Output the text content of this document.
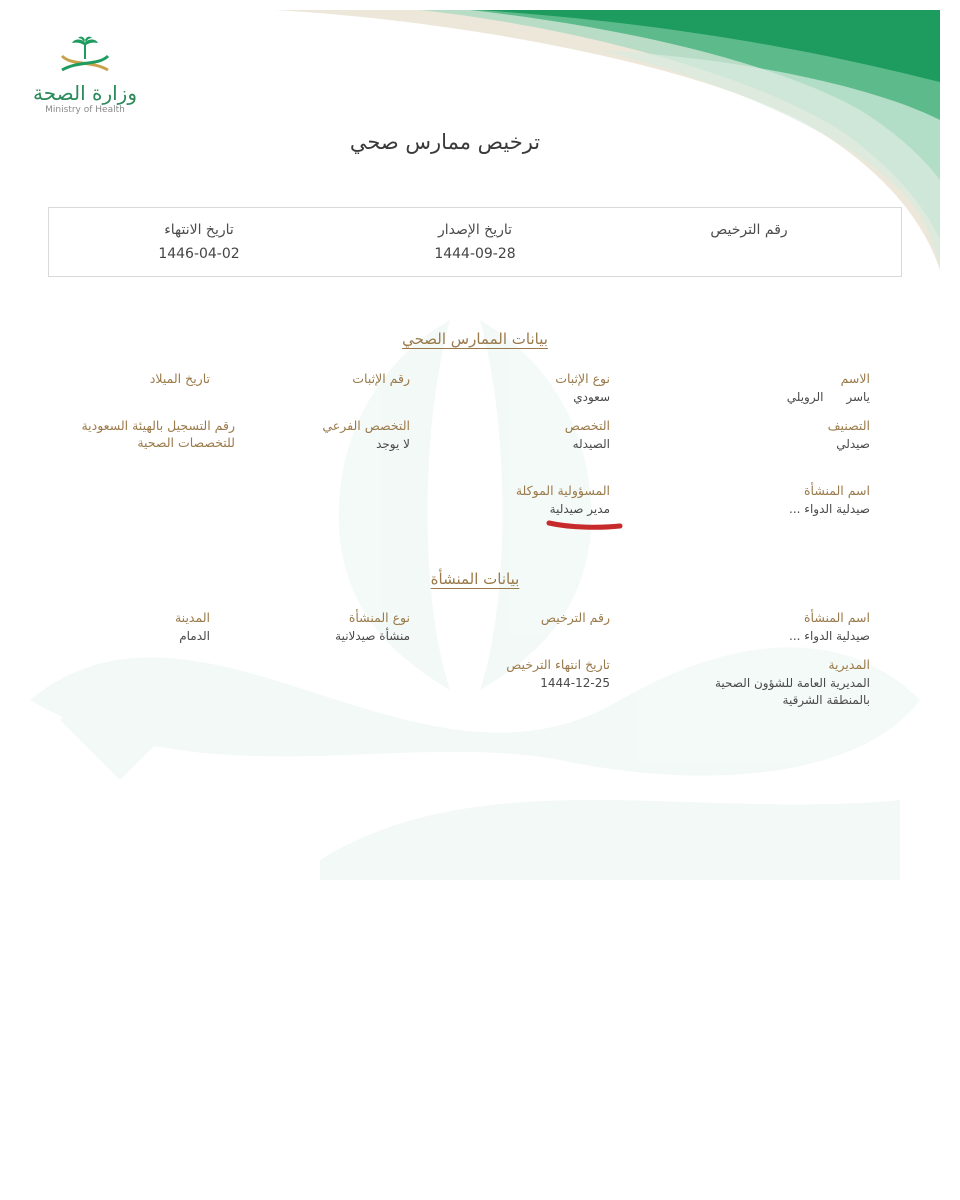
وزارة الصحة
Ministry of Health
ترخيص ممارس صحي
رقم الترخيص
تاريخ الإصدار
1444-09-28
تاريخ الانتهاء
1446-04-02
بيانات الممارس الصحي
الاسم
ياسر ‏ ‏ ‏ ‏ ‏ الرويلي
نوع الإثبات
سعودي
رقم الإثبات
تاريخ الميلاد
التصنيف
صيدلي
التخصص
الصيدله
التخصص الفرعي
لا يوجد
رقم التسجيل بالهيئة السعودية للتخصصات الصحية
اسم المنشأة
صيدلية الدواء ...
المسؤولية الموكلة
مدير صيدلية
بيانات المنشأة
اسم المنشأة
صيدلية الدواء ...
رقم الترخيص
نوع المنشأة
منشأة صيدلانية
المدينة
الدمام
المديرية
المديرية العامة للشؤون الصحية بالمنطقة الشرقية
تاريخ انتهاء الترخيص
1444-12-25
